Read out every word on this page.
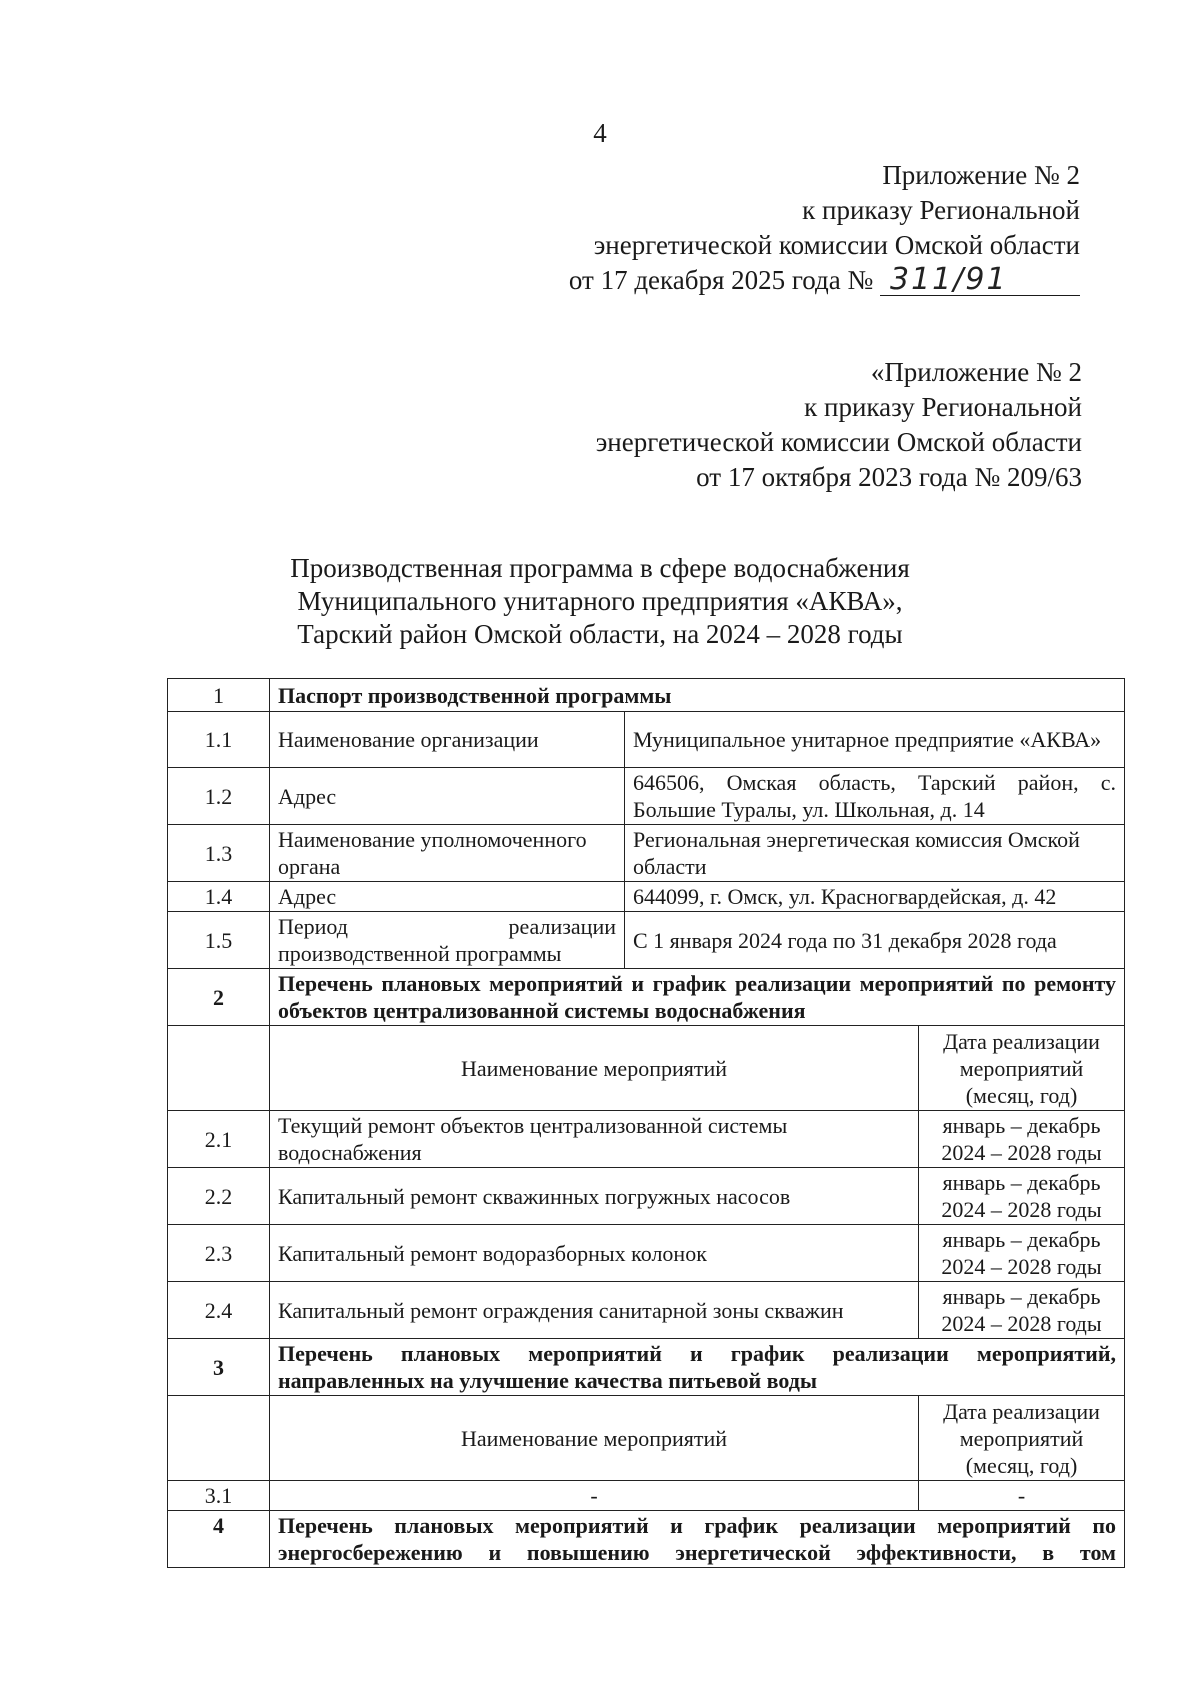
4
Приложение № 2
к приказу Региональной
энергетической комиссии Омской области
от 17 декабря 2025 года № 311/91
«Приложение № 2
к приказу Региональной
энергетической комиссии Омской области
от 17 октября 2023 года № 209/63
Производственная программа в сфере водоснабжения
Муниципального унитарного предприятия «АКВА»,
Тарский район Омской области, на 2024 – 2028 годы
1	Паспорт производственной программы		
1.1	Наименование организации	Муниципальное унитарное предприятие «АКВА»	
1.2	Адрес	646506, Омская область, Тарский район, с. Большие Туралы, ул. Школьная, д. 14	
1.3	Наименование уполномоченного органа	Региональная энергетическая комиссия Омской области	
1.4	Адрес	644099, г. Омск, ул. Красногвардейская, д. 42	
1.5	Период реализации производственной программы	С 1 января 2024 года по 31 декабря 2028 года	
2	Перечень плановых мероприятий и график реализации мероприятий по ремонту объектов централизованной системы водоснабжения		
	Наименование мероприятий		Дата реализации мероприятий (месяц, год)
2.1	Текущий ремонт объектов централизованной системы водоснабжения		январь – декабрь 2024 – 2028 годы
2.2	Капитальный ремонт скважинных погружных насосов		январь – декабрь 2024 – 2028 годы
2.3	Капитальный ремонт водоразборных колонок		январь – декабрь 2024 – 2028 годы
2.4	Капитальный ремонт ограждения санитарной зоны скважин		январь – декабрь 2024 – 2028 годы
3	Перечень плановых мероприятий и график реализации мероприятий, направленных на улучшение качества питьевой воды		
	Наименование мероприятий		Дата реализации мероприятий (месяц, год)
3.1	-		-
4	Перечень плановых мероприятий и график реализации мероприятий по энергосбережению и повышению энергетической эффективности, в том		
